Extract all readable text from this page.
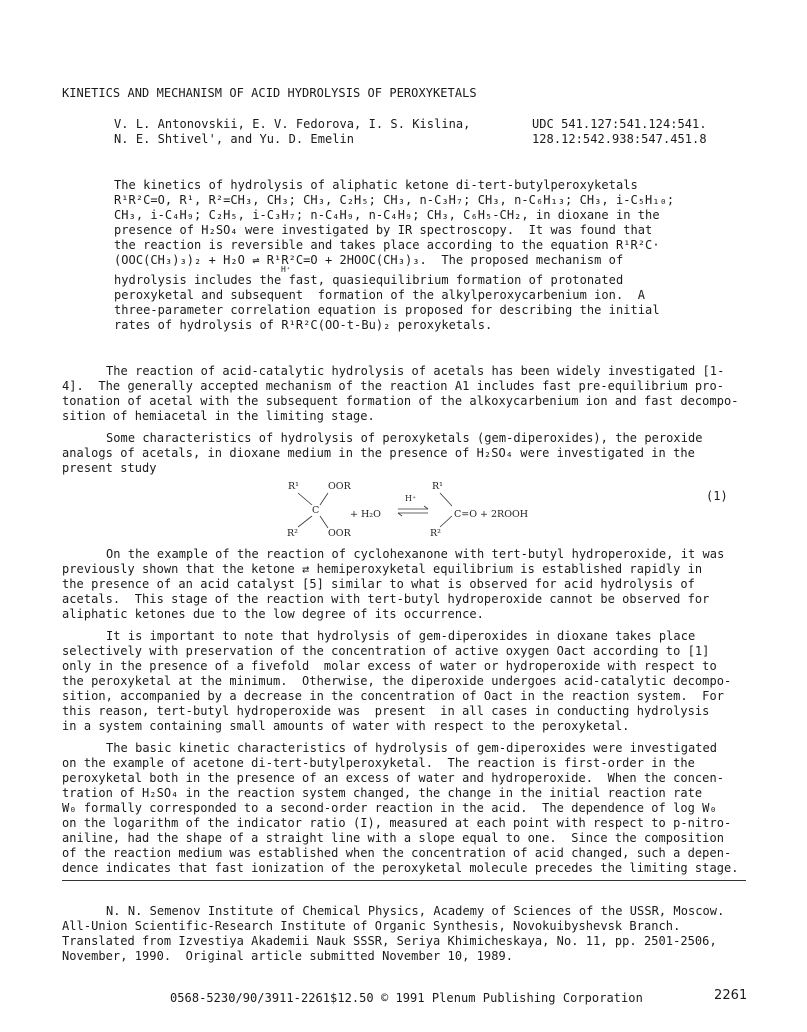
KINETICS AND MECHANISM OF ACID HYDROLYSIS OF PEROXYKETALS
V. L. Antonovskii, E. V. Fedorova, I. S. Kislina,
N. E. Shtivel', and Yu. D. Emelin
UDC 541.127:541.124:541.
128.12:542.938:547.451.8
The kinetics of hydrolysis of aliphatic ketone di-tert-butylperoxyketals
R¹R²C=O, R¹, R²=CH₃, CH₃; CH₃, C₂H₅; CH₃, n-C₃H₇; CH₃, n-C₆H₁₃; CH₃, i-C₅H₁₀;
CH₃, i-C₄H₉; C₂H₅, i-C₃H₇; n-C₄H₉, n-C₄H₉; CH₃, C₆H₅-CH₂, in dioxane in the
presence of H₂SO₄ were investigated by IR spectroscopy.  It was found that
the reaction is reversible and takes place according to the equation R¹R²C·
(OOC(CH₃)₃)₂ + H₂O ⇌ R¹R²C=O + 2HOOC(CH₃)₃.  The proposed mechanism of
H⁺
hydrolysis includes the fast, quasiequilibrium formation of protonated
peroxyketal and subsequent  formation of the alkylperoxycarbenium ion.  A
three-parameter correlation equation is proposed for describing the initial
rates of hydrolysis of R¹R²C(OO-t-Bu)₂ peroxyketals.
The reaction of acid-catalytic hydrolysis of acetals has been widely investigated [1-
4].  The generally accepted mechanism of the reaction A1 includes fast pre-equilibrium pro-
tonation of acetal with the subsequent formation of the alkoxycarbenium ion and fast decompo-
sition of hemiacetal in the limiting stage.
Some characteristics of hydrolysis of peroxyketals (gem-diperoxides), the peroxide
analogs of acetals, in dioxane medium in the presence of H₂SO₄ were investigated in the
present study
R¹	OOR
C
R²	OOR
+ H₂O
H⁺
R¹
C=O + 2ROOH
R²
(1)
On the example of the reaction of cyclohexanone with tert-butyl hydroperoxide, it was
previously shown that the ketone ⇄ hemiperoxyketal equilibrium is established rapidly in
the presence of an acid catalyst [5] similar to what is observed for acid hydrolysis of
acetals.  This stage of the reaction with tert-butyl hydroperoxide cannot be observed for
aliphatic ketones due to the low degree of its occurrence.
It is important to note that hydrolysis of gem-diperoxides in dioxane takes place
selectively with preservation of the concentration of active oxygen Oact according to [1]
only in the presence of a fivefold  molar excess of water or hydroperoxide with respect to
the peroxyketal at the minimum.  Otherwise, the diperoxide undergoes acid-catalytic decompo-
sition, accompanied by a decrease in the concentration of Oact in the reaction system.  For
this reason, tert-butyl hydroperoxide was  present  in all cases in conducting hydrolysis
in a system containing small amounts of water with respect to the peroxyketal.
The basic kinetic characteristics of hydrolysis of gem-diperoxides were investigated
on the example of acetone di-tert-butylperoxyketal.  The reaction is first-order in the
peroxyketal both in the presence of an excess of water and hydroperoxide.  When the concen-
tration of H₂SO₄ in the reaction system changed, the change in the initial reaction rate
W₀ formally corresponded to a second-order reaction in the acid.  The dependence of log W₀
on the logarithm of the indicator ratio (I), measured at each point with respect to p-nitro-
aniline, had the shape of a straight line with a slope equal to one.  Since the composition
of the reaction medium was established when the concentration of acid changed, such a depen-
dence indicates that fast ionization of the peroxyketal molecule precedes the limiting stage.
N. N. Semenov Institute of Chemical Physics, Academy of Sciences of the USSR, Moscow.
All-Union Scientific-Research Institute of Organic Synthesis, Novokuibyshevsk Branch.
Translated from Izvestiya Akademii Nauk SSSR, Seriya Khimicheskaya, No. 11, pp. 2501-2506,
November, 1990.  Original article submitted November 10, 1989.
0568-5230/90/3911-2261$12.50 © 1991 Plenum Publishing Corporation	2261
